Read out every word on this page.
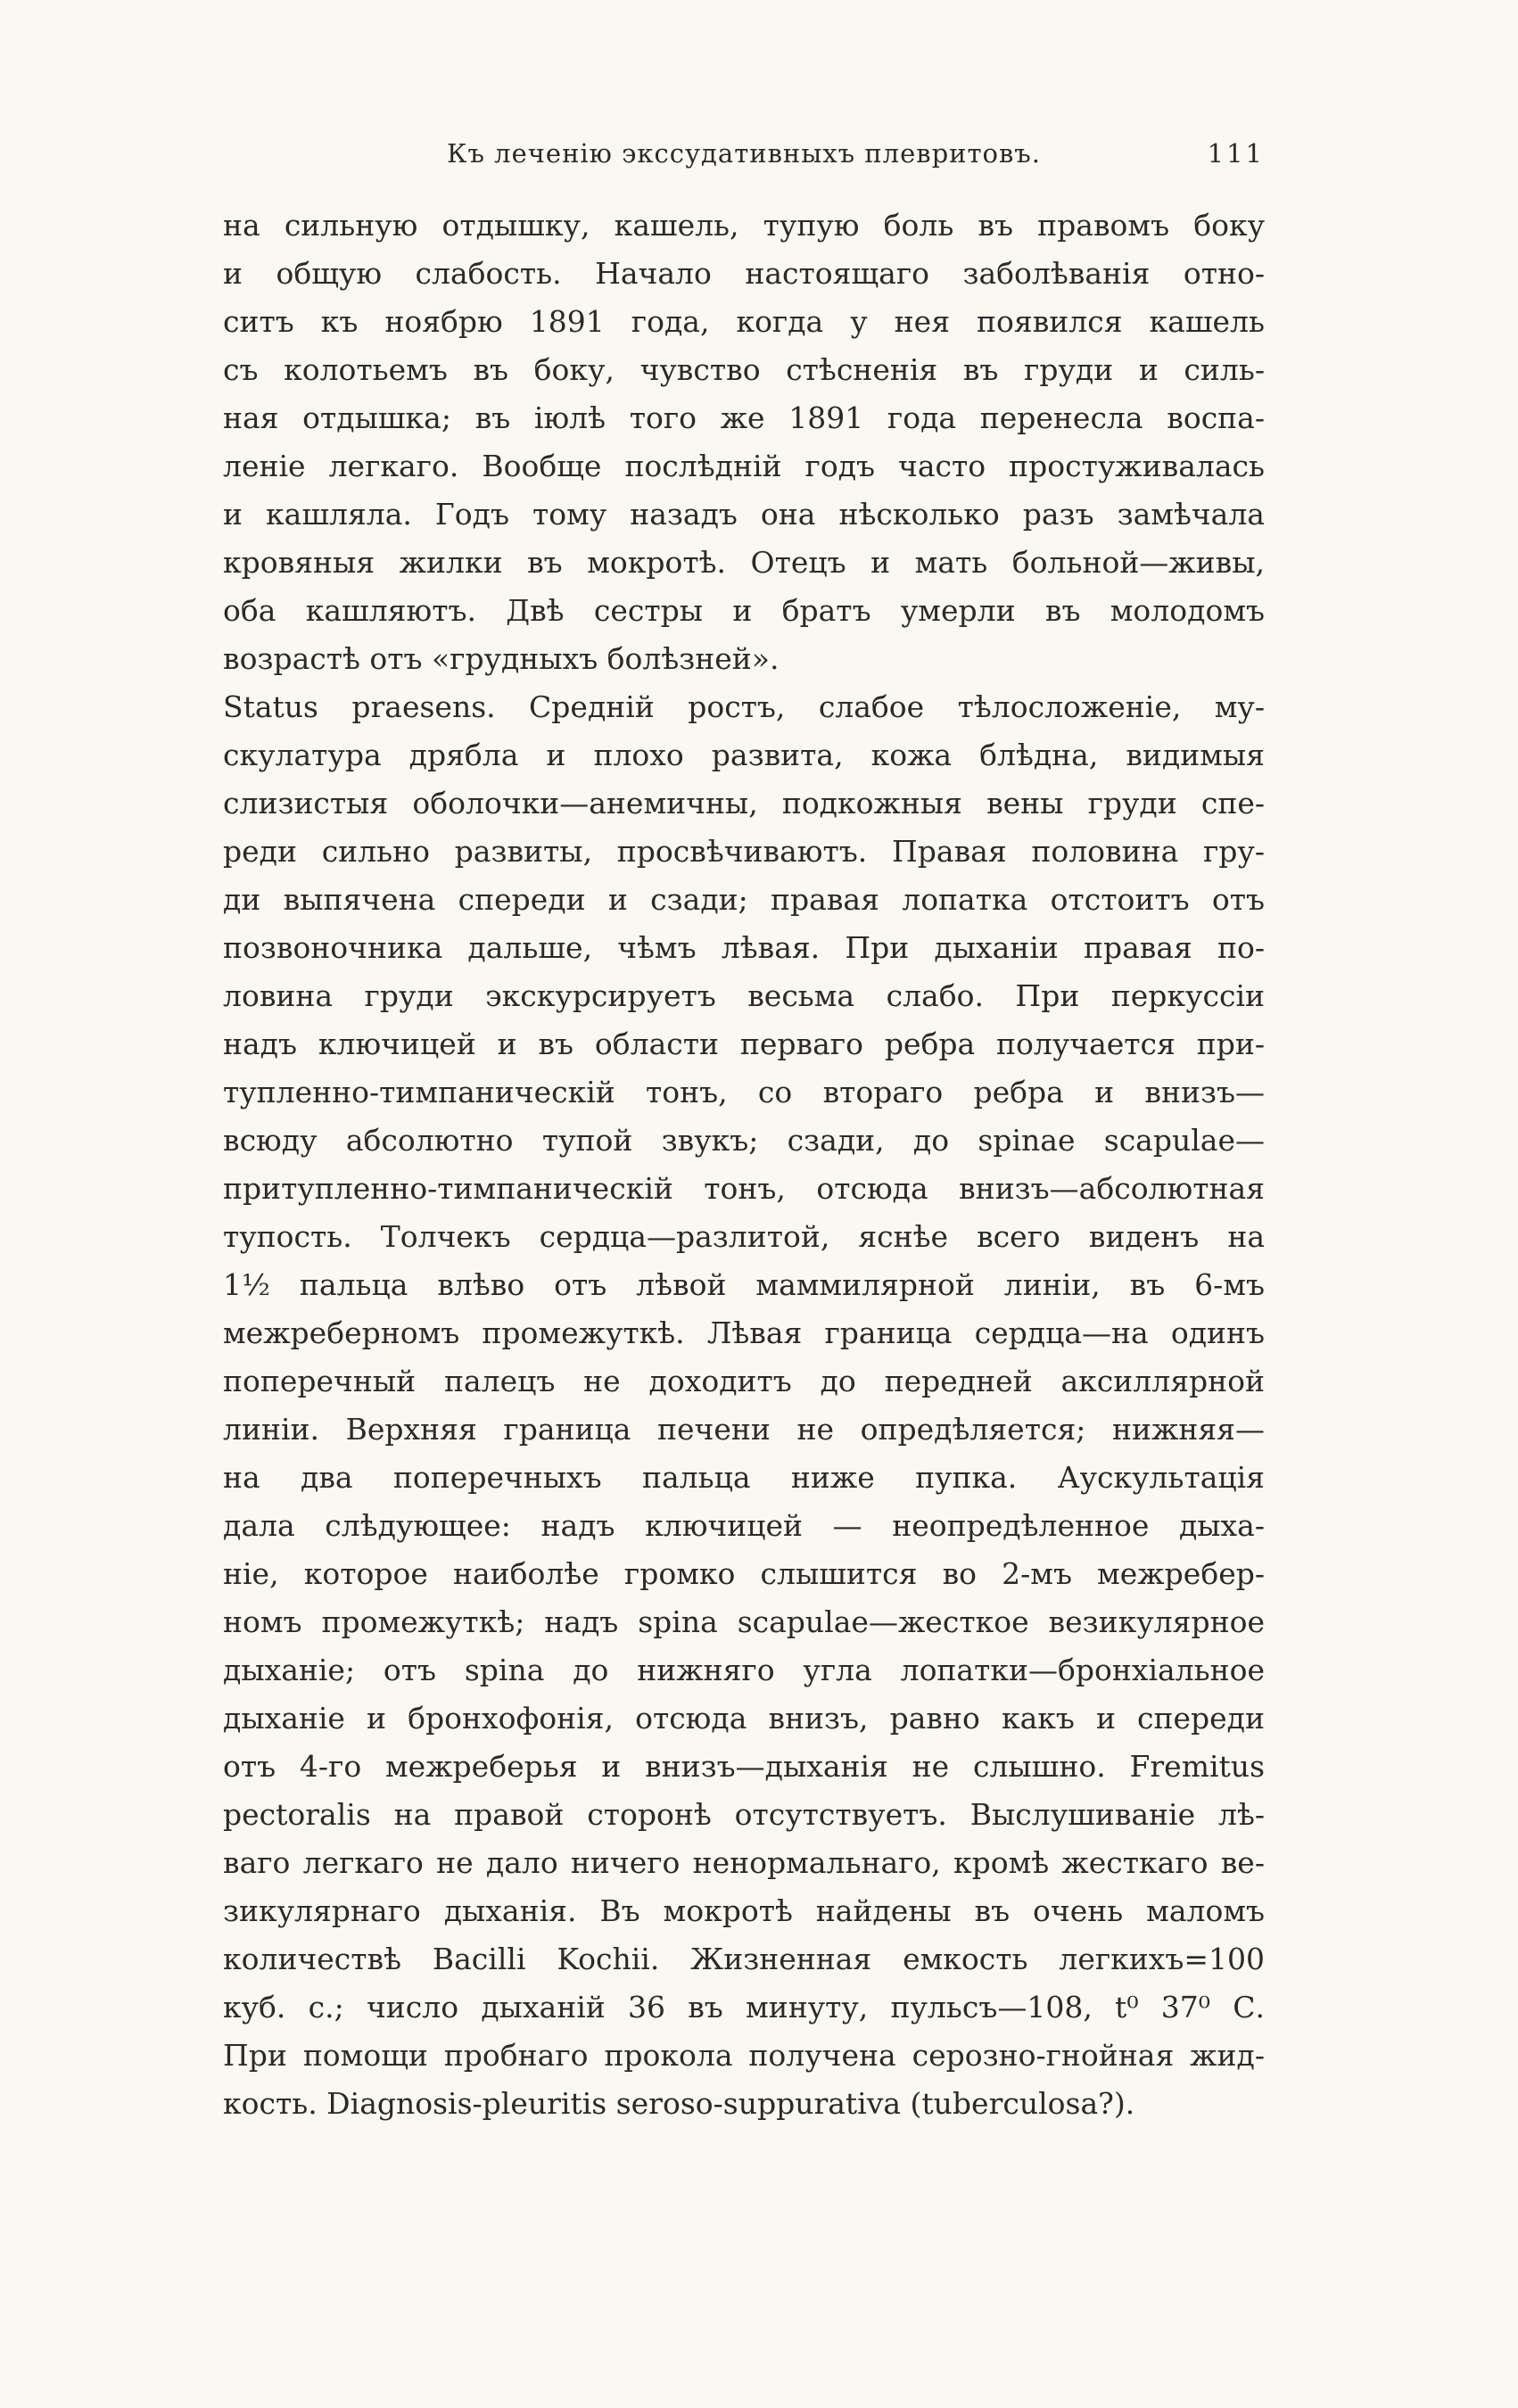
Къ леченію экссудативныхъ плевритовъ.	111
на сильную отдышку, кашель, тупую боль въ правомъ боку
и общую слабость. Начало настоящаго заболѣванія отно-
ситъ къ ноябрю 1891 года, когда у нея появился кашель
съ колотьемъ въ боку, чувство стѣсненія въ груди и силь-
ная отдышка; въ іюлѣ того же 1891 года перенесла воспа-
леніе легкаго. Вообще послѣдній годъ часто простуживалась
и кашляла. Годъ тому назадъ она нѣсколько разъ замѣчала
кровяныя жилки въ мокротѣ. Отецъ и мать больной—живы,
оба кашляютъ. Двѣ сестры и братъ умерли въ молодомъ
возрастѣ отъ «грудныхъ болѣзней».
Status praesens. Средній ростъ, слабое тѣлосложеніе, му-
скулатура дрябла и плохо развита, кожа блѣдна, видимыя
слизистыя оболочки—анемичны, подкожныя вены груди спе-
реди сильно развиты, просвѣчиваютъ. Правая половина гру-
ди выпячена спереди и сзади; правая лопатка отстоитъ отъ
позвоночника дальше, чѣмъ лѣвая. При дыханіи правая по-
ловина груди экскурсируетъ весьма слабо. При перкуссіи
надъ ключицей и въ области перваго ребра получается при-
тупленно-тимпаническій тонъ, со втораго ребра и внизъ—
всюду абсолютно тупой звукъ; сзади, до spinae scapulae—
притупленно-тимпаническій тонъ, отсюда внизъ—абсолютная
тупость. Толчекъ сердца—разлитой, яснѣе всего виденъ на
1½ пальца влѣво отъ лѣвой маммилярной линіи, въ 6-мъ
межреберномъ промежуткѣ. Лѣвая граница сердца—на одинъ
поперечный палецъ не доходитъ до передней аксиллярной
линіи. Верхняя граница печени не опредѣляется; нижняя—
на два поперечныхъ пальца ниже пупка. Аускультація
дала слѣдующее: надъ ключицей — неопредѣленное дыха-
ніе, которое наиболѣе громко слышится во 2-мъ межребер-
номъ промежуткѣ; надъ spina scapulae—жесткое везикулярное
дыханіе; отъ spina до нижняго угла лопатки—бронхіальное
дыханіе и бронхофонія, отсюда внизъ, равно какъ и спереди
отъ 4-го межреберья и внизъ—дыханія не слышно. Fremitus
pectoralis на правой сторонѣ отсутствуетъ. Выслушиваніе лѣ-
ваго легкаго не дало ничего ненормальнаго, кромѣ жесткаго ве-
зикулярнаго дыханія. Въ мокротѣ найдены въ очень маломъ
количествѣ Bacilli Kochii. Жизненная емкость легкихъ=100
куб. с.; число дыханій 36 въ минуту, пульсъ—108, t⁰ 37⁰ С.
При помощи пробнаго прокола получена серозно-гнойная жид-
кость. Diagnosis-pleuritis seroso-suppurativa (tuberculosa?).
